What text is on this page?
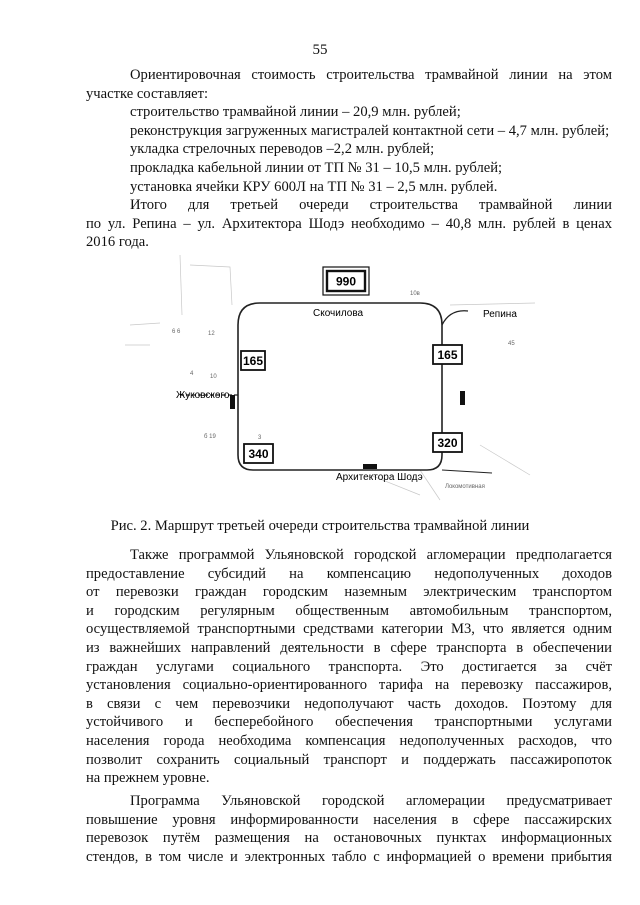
55
Ориентировочная стоимость строительства трамвайной линии на этом
участке составляет:
строительство трамвайной линии – 20,9 млн. рублей;
реконструкция загруженных магистралей контактной сети – 4,7 млн. рублей;
укладка стрелочных переводов –2,2 млн. рублей;
прокладка кабельной линии от ТП № 31 – 10,5 млн. рублей;
установка ячейки КРУ 600Л на ТП № 31 – 2,5 млн. рублей.
Итого для третьей очереди строительства трамвайной линии
по ул. Репина – ул. Архитектора Шодэ необходимо – 40,8 млн. рублей в ценах
2016 года.
990
165	165
340
320
Скочилова	Репина
Жуковского
Архитектора Шодэ
Локомотивная
10в
6 6	12
4	10
б 19	3
45
Рис. 2. Маршрут третьей очереди строительства трамвайной линии
Также программой Ульяновской городской агломерации предполагается
предоставление субсидий на компенсацию недополученных доходов
от перевозки граждан городским наземным электрическим транспортом
и городским регулярным общественным автомобильным транспортом,
осуществляемой транспортными средствами категории М3, что является одним
из важнейших направлений деятельности в сфере транспорта в обеспечении
граждан услугами социального транспорта. Это достигается за счёт
установления социально-ориентированного тарифа на перевозку пассажиров,
в связи с чем перевозчики недополучают часть доходов. Поэтому для
устойчивого и бесперебойного обеспечения транспортными услугами
населения города необходима компенсация недополученных расходов, что
позволит сохранить социальный транспорт и поддержать пассажиропоток
на прежнем уровне.
Программа Ульяновской городской агломерации предусматривает
повышение уровня информированности населения в сфере пассажирских
перевозок путём размещения на остановочных пунктах информационных
стендов, в том числе и электронных табло с информацией о времени прибытия
